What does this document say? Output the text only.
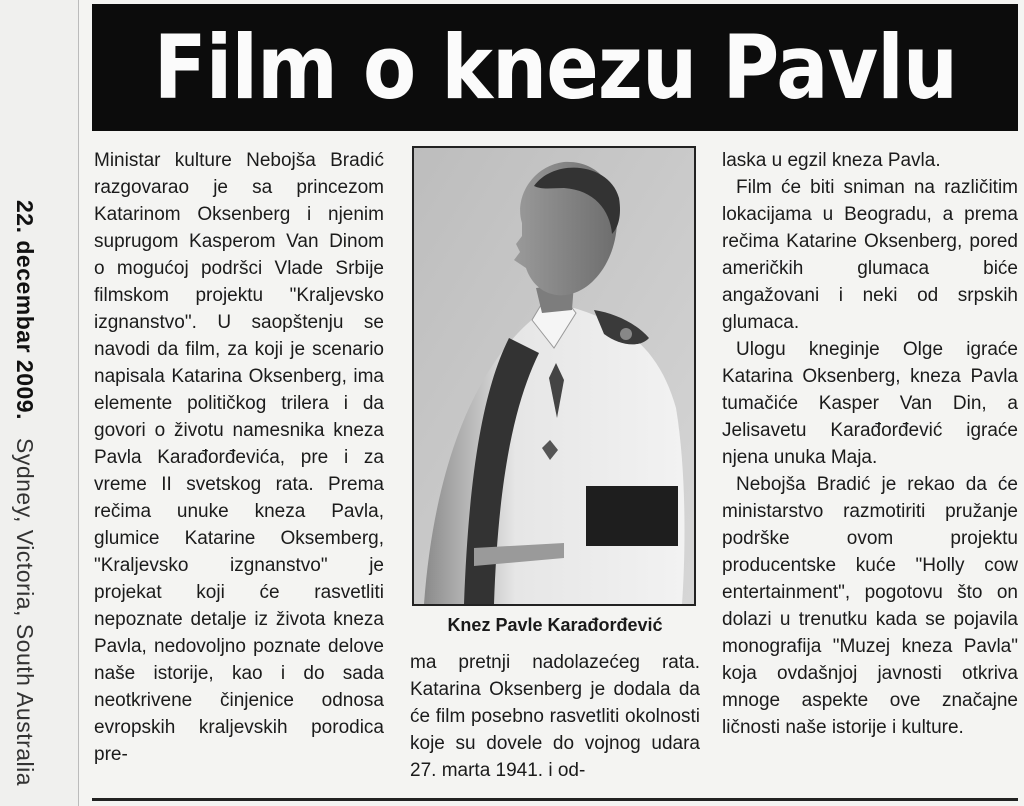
22. decembar 2009.Sydney, Victoria, South Australia
Film o knezu Pavlu

Ministar kulture Nebojša Bradić razgovarao je sa princezom Katarinom Oksenberg i njenim suprugom Kasperom Van Dinom o mogućoj podršci Vlade Srbije filmskom projektu "Kraljevsko izgnanstvo". U saopštenju se navodi da film, za koji je scenario napisala Katarina Oksenberg, ima elemente političkog trilera i da govori o životu namesnika kneza Pavla Karađorđevića, pre i za vreme II svetskog rata. Prema rečima unuke kneza Pavla, glumice Katarine Oksemberg, "Kraljevsko izgnanstvo" je projekat koji će rasvetliti nepoznate detalje iz života kneza Pavla, nedovoljno poznate delove naše istorije, kao i do sada neotkrivene činjenice odnosa evropskih kraljevskih porodica pre-

Knez Pavle Karađorđević

ma pretnji nadolazećeg rata. Katarina Oksenberg je dodala da će film posebno rasvetliti okolnosti koje su dovele do vojnog udara 27. marta 1941. i od-

laska u egzil kneza Pavla.

Film će biti sniman na različitim lokacijama u Beogradu, a prema rečima Katarine Oksenberg, pored američkih glumaca biće angažovani i neki od srpskih glumaca.

Ulogu kneginje Olge igraće Katarina Oksenberg, kneza Pavla tumačiće Kasper Van Din, a Jelisavetu Karađorđević igraće njena unuka Maja.

Nebojša Bradić je rekao da će ministarstvo razmotiriti pružanje podrške ovom projektu producentske kuće "Holly cow entertainment", pogotovu što on dolazi u trenutku kada se pojavila monografija "Muzej kneza Pavla" koja ovdašnjoj javnosti otkriva mnoge aspekte ove značajne ličnosti naše istorije i kulture.
